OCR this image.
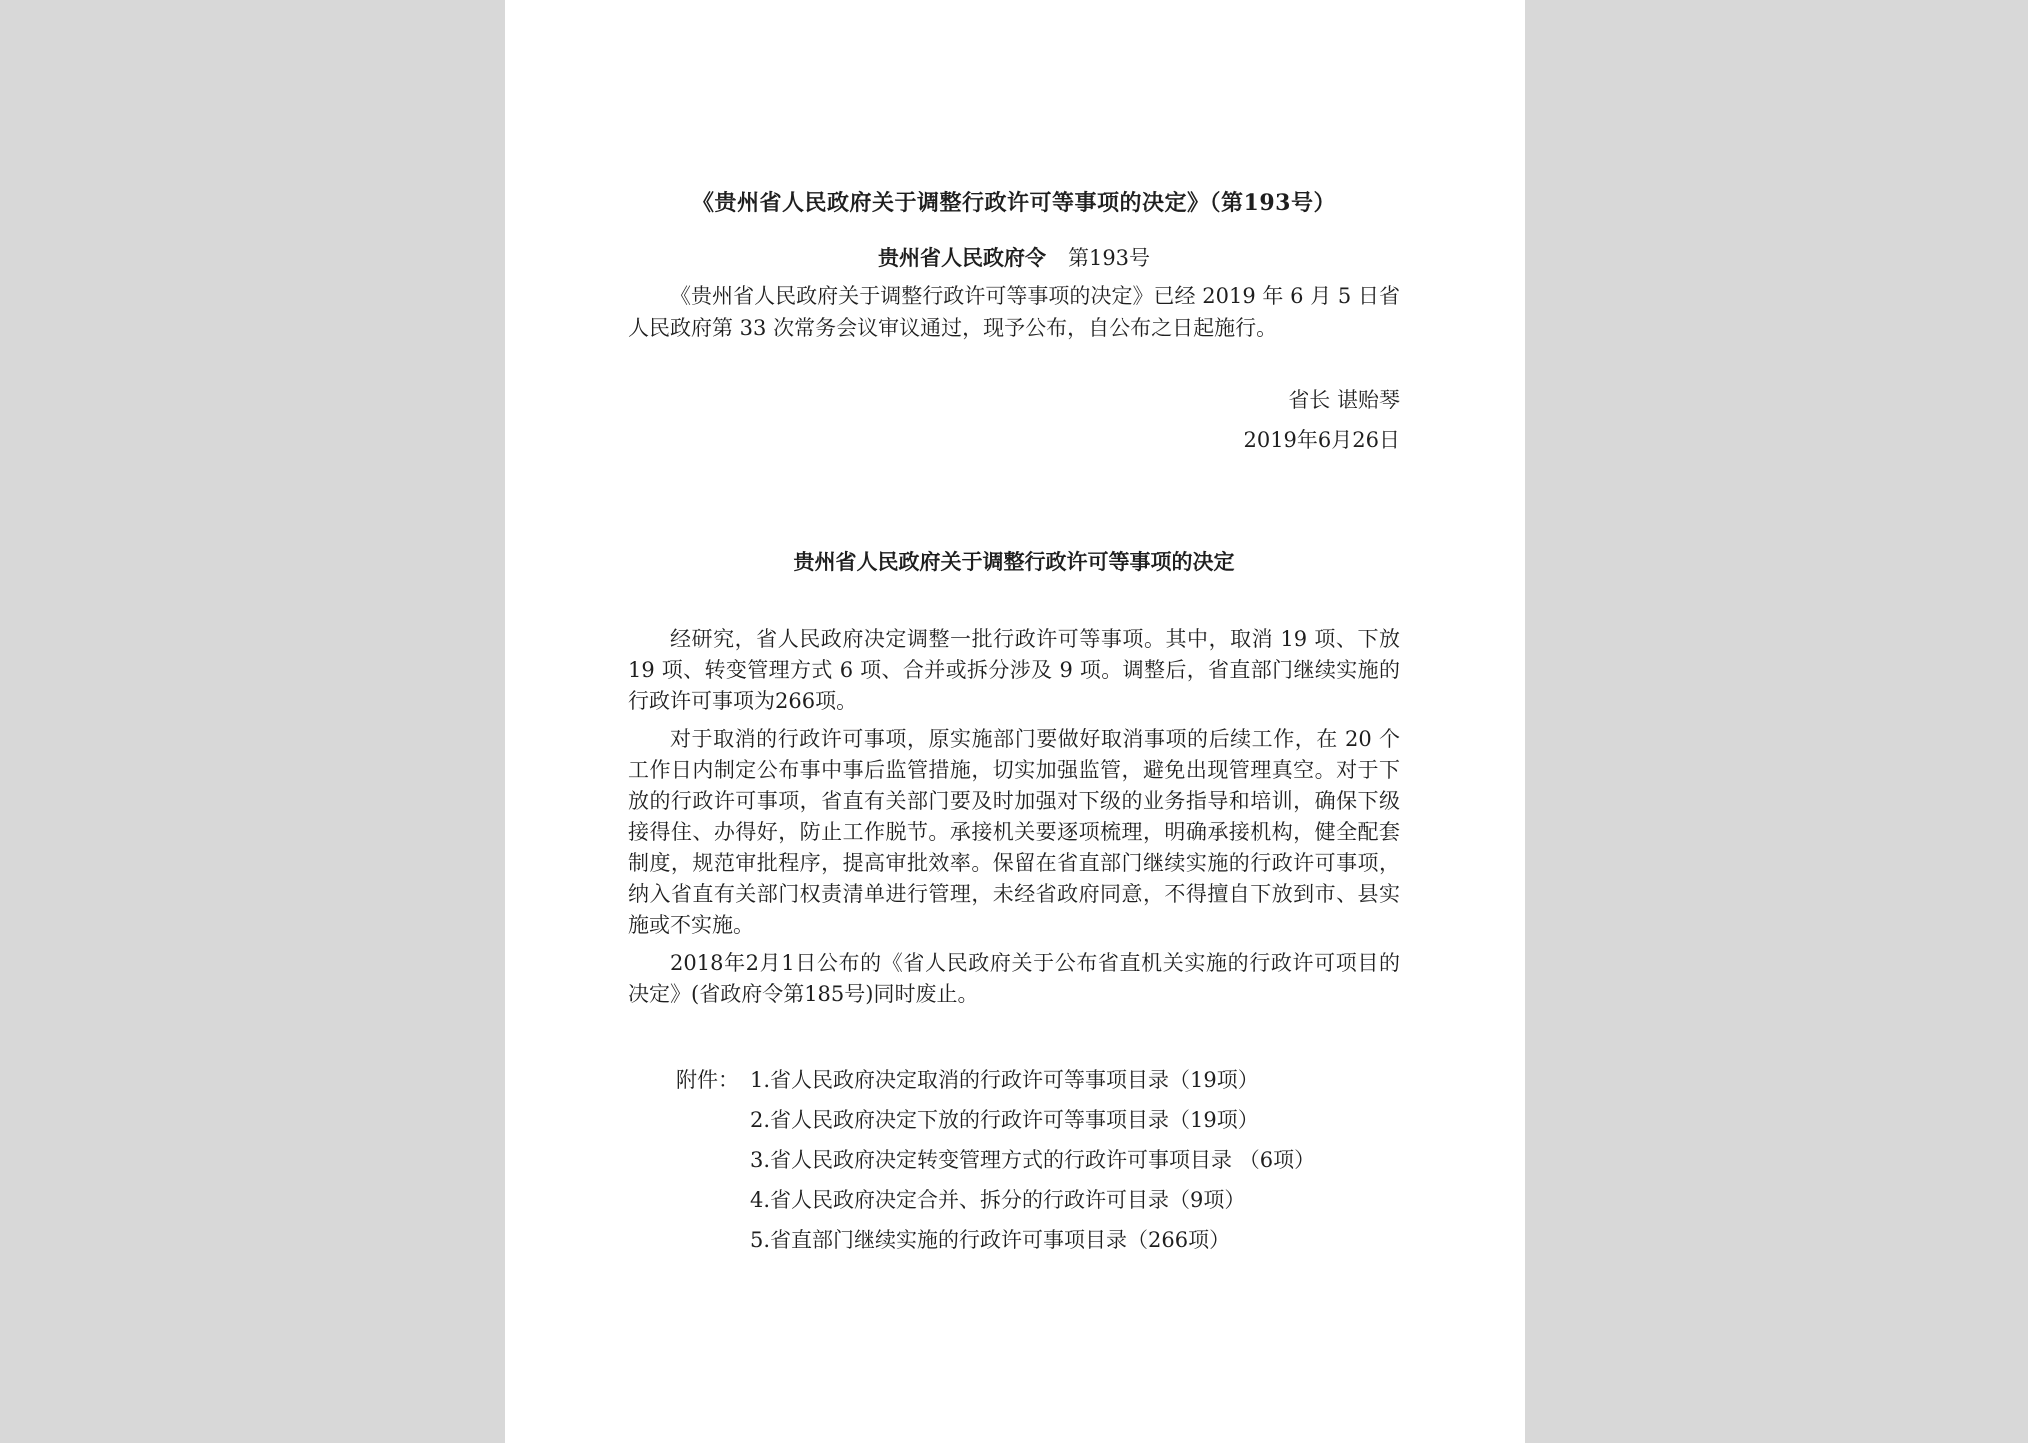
《贵州省人民政府关于调整行政许可等事项的决定》（第193号）
贵州省人民政府令 第193号
《贵州省人民政府关于调整行政许可等事项的决定》已经 2019 年 6 月 5 日省人民政府第 33 次常务会议审议通过，现予公布，自公布之日起施行。
省长 谌贻琴
2019年6月26日
贵州省人民政府关于调整行政许可等事项的决定

经研究，省人民政府决定调整一批行政许可等事项。其中，取消 19 项、下放 19 项、转变管理方式 6 项、合并或拆分涉及 9 项。调整后，省直部门继续实施的行政许可事项为266项。

对于取消的行政许可事项，原实施部门要做好取消事项的后续工作，在 20 个工作日内制定公布事中事后监管措施，切实加强监管，避免出现管理真空。对于下放的行政许可事项，省直有关部门要及时加强对下级的业务指导和培训，确保下级接得住、办得好，防止工作脱节。承接机关要逐项梳理，明确承接机构，健全配套制度，规范审批程序，提高审批效率。保留在省直部门继续实施的行政许可事项，纳入省直有关部门权责清单进行管理，未经省政府同意，不得擅自下放到市、县实施或不实施。

2018年2月1日公布的《省人民政府关于公布省直机关实施的行政许可项目的决定》(省政府令第185号)同时废止。

附件： 1.省人民政府决定取消的行政许可等事项目录（19项）
2.省人民政府决定下放的行政许可等事项目录（19项）
3.省人民政府决定转变管理方式的行政许可事项目录 （6项）
4.省人民政府决定合并、拆分的行政许可目录（9项）
5.省直部门继续实施的行政许可事项目录（266项）
